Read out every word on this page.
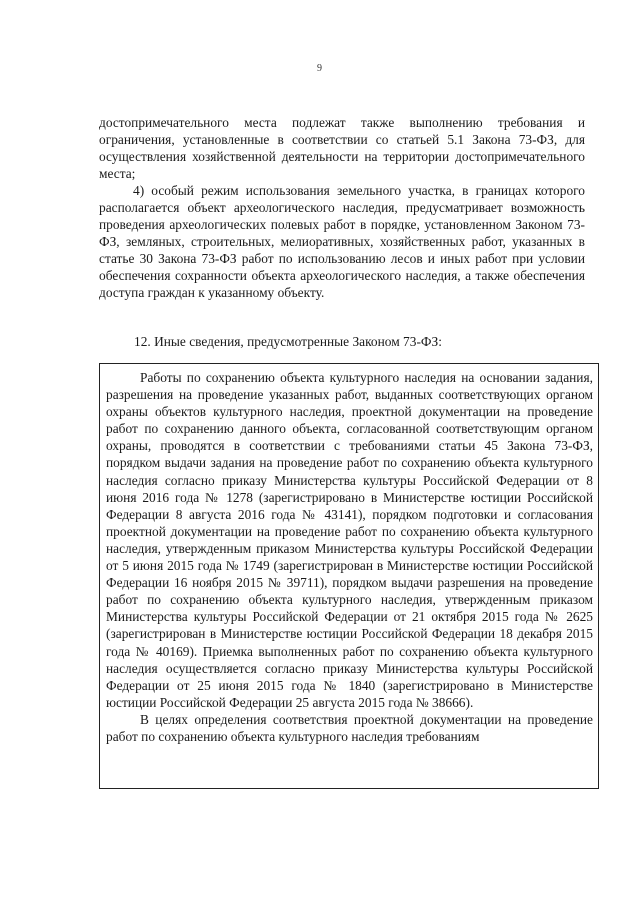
9

достопримечательного места подлежат также выполнению требования и ограничения, установленные в соответствии со статьей 5.1 Закона 73-ФЗ, для осуществления хозяйственной деятельности на территории достопримечательного места;

4) особый режим использования земельного участка, в границах которого располагается объект археологического наследия, предусматривает возможность проведения археологических полевых работ в порядке, установленном Законом 73-ФЗ, земляных, строительных, мелиоративных, хозяйственных работ, указанных в статье 30 Закона 73-ФЗ работ по использованию лесов и иных работ при условии обеспечения сохранности объекта археологического наследия, а также обеспечения доступа граждан к указанному объекту.

12. Иные сведения, предусмотренные Законом 73-ФЗ:

Работы по сохранению объекта культурного наследия на основании задания, разрешения на проведение указанных работ, выданных соответствующих органом охраны объектов культурного наследия, проектной документации на проведение работ по сохранению данного объекта, согласованной соответствующим органом охраны, проводятся в соответствии с требованиями статьи 45 Закона 73-ФЗ, порядком выдачи задания на проведение работ по сохранению объекта культурного наследия согласно приказу Министерства культуры Российской Федерации от 8 июня 2016 года № 1278 (зарегистрировано в Министерстве юстиции Российской Федерации 8 августа 2016 года № 43141), порядком подготовки и согласования проектной документации на проведение работ по сохранению объекта культурного наследия, утвержденным приказом Министерства культуры Российской Федерации от 5 июня 2015 года № 1749 (зарегистрирован в Министерстве юстиции Российской Федерации 16 ноября 2015 № 39711), порядком выдачи разрешения на проведение работ по сохранению объекта культурного наследия, утвержденным приказом Министерства культуры Российской Федерации от 21 октября 2015 года № 2625 (зарегистрирован в Министерстве юстиции Российской Федерации 18 декабря 2015 года № 40169). Приемка выполненных работ по сохранению объекта культурного наследия осуществляется согласно приказу Министерства культуры Российской Федерации от 25 июня 2015 года № 1840 (зарегистрировано в Министерстве юстиции Российской Федерации 25 августа 2015 года № 38666).

В целях определения соответствия проектной документации на проведение работ по сохранению объекта культурного наследия требованиям
